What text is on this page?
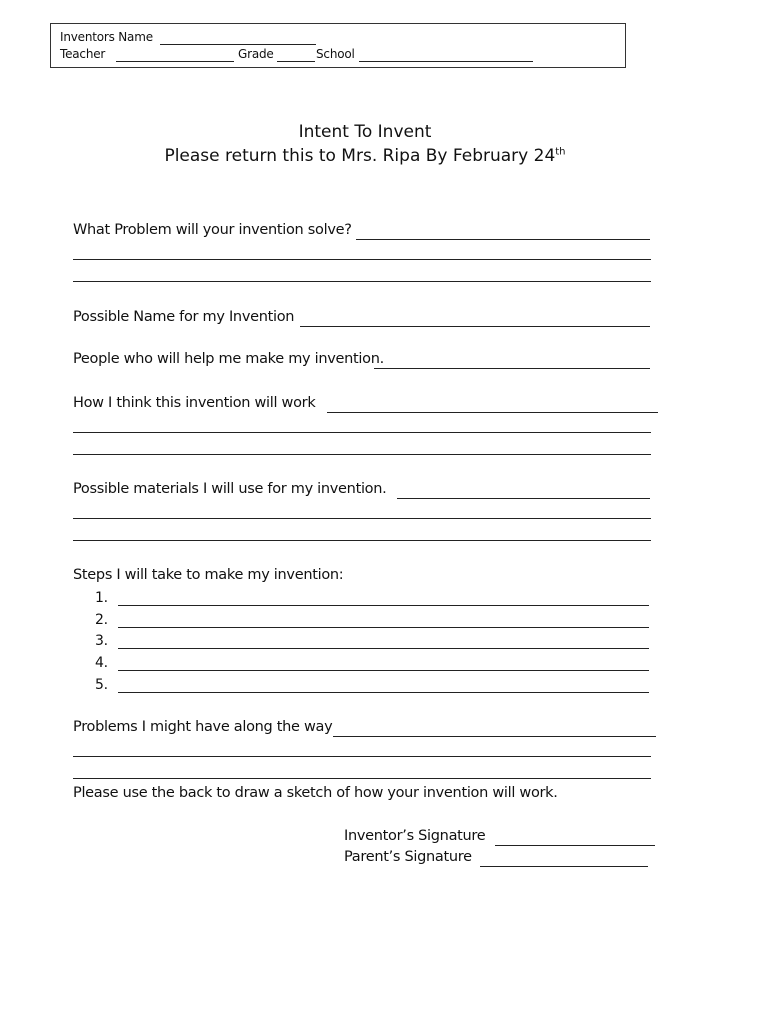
Inventors Name
Teacher	Grade	School
Intent To Invent
Please return this to Mrs. Ripa By February 24th
What Problem will your invention solve?
Possible Name for my Invention
People who will help me make my invention.
How I think this invention will work
Possible materials I will use for my invention.
Steps I will take to make my invention:
1.
2.
3.
4.
5.
Problems I might have along the way
Please use the back to draw a sketch of how your invention will work.
Inventor’s Signature
Parent’s Signature
